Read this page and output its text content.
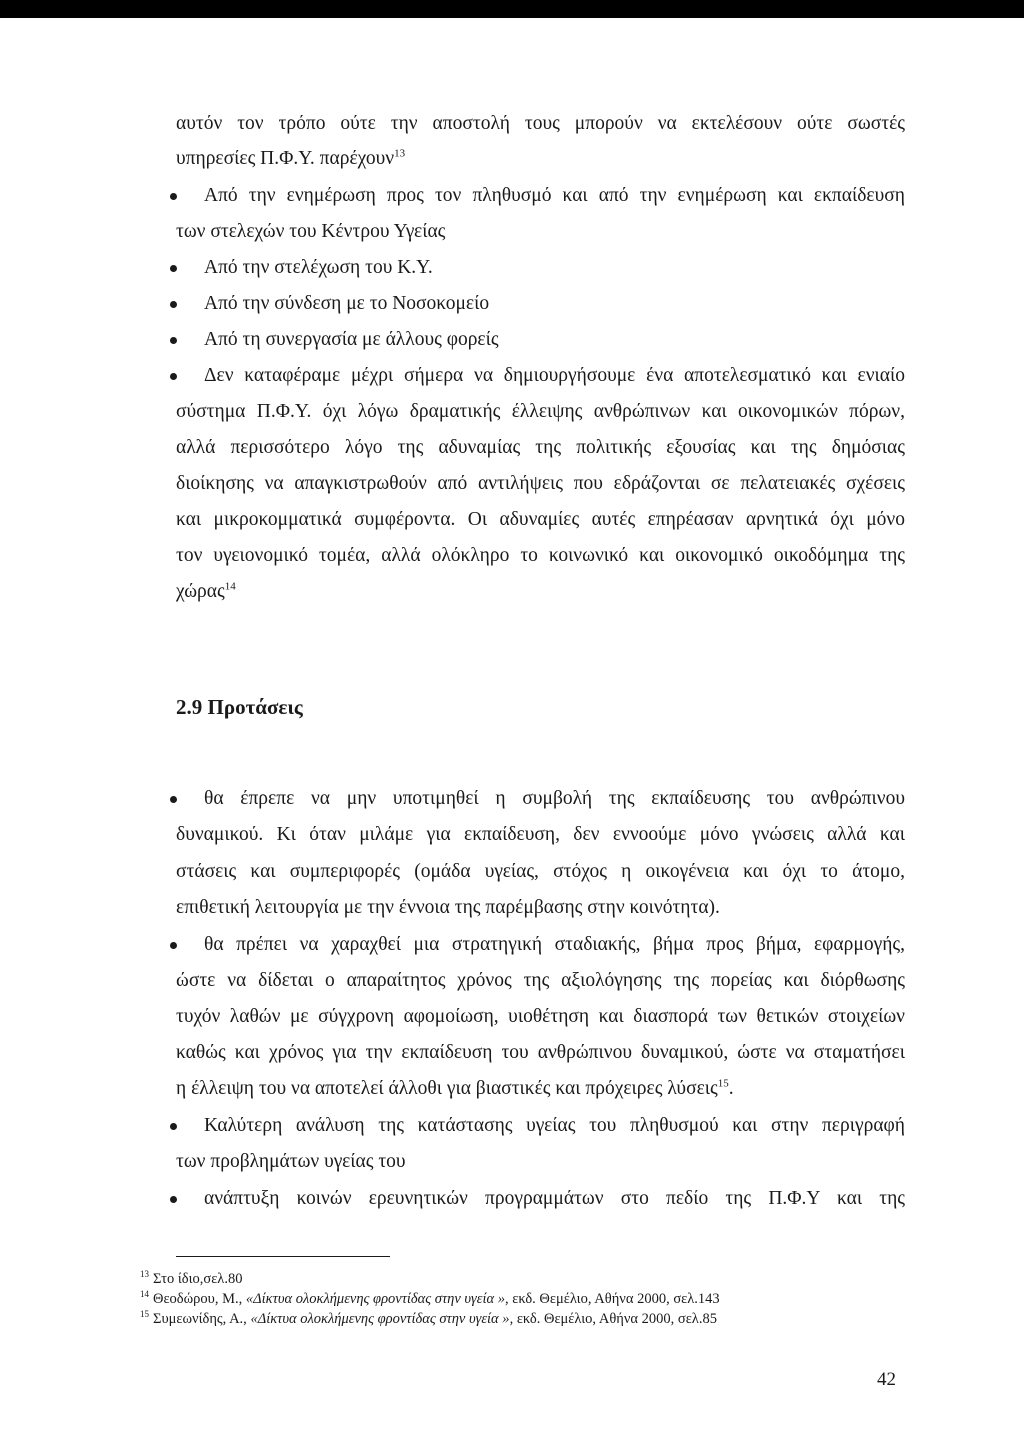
αυτόν τον τρόπο ούτε την αποστολή τους μπορούν να εκτελέσουν ούτε σωστές
υπηρεσίες Π.Φ.Υ. παρέχουν$^{13}$
Από την ενημέρωση προς τον πληθυσμό και από την ενημέρωση και εκπαίδευση
των στελεχών του Κέντρου Υγείας
Από την στελέχωση του Κ.Υ.
Από την σύνδεση με το Νοσοκομείο
Από τη συνεργασία με άλλους φορείς
Δεν καταφέραμε μέχρι σήμερα να δημιουργήσουμε ένα αποτελεσματικό και ενιαίο
σύστημα Π.Φ.Υ. όχι λόγω δραματικής έλλειψης ανθρώπινων και οικονομικών πόρων,
αλλά περισσότερο λόγο της αδυναμίας της πολιτικής εξουσίας και της δημόσιας
διοίκησης να απαγκιστρωθούν από αντιλήψεις που εδράζονται σε πελατειακές σχέσεις
και μικροκομματικά συμφέροντα. Οι αδυναμίες αυτές επηρέασαν αρνητικά όχι μόνο
τον υγειονομικό τομέα, αλλά ολόκληρο το κοινωνικό και οικονομικό οικοδόμημα της
χώρας$^{14}$
2.9 Προτάσεις
θα έπρεπε να μην υποτιμηθεί η συμβολή της εκπαίδευσης του ανθρώπινου
δυναμικού. Κι όταν μιλάμε για εκπαίδευση, δεν εννοούμε μόνο γνώσεις αλλά και
στάσεις και συμπεριφορές (ομάδα υγείας, στόχος η οικογένεια και όχι το άτομο,
επιθετική λειτουργία με την έννοια της παρέμβασης στην κοινότητα).
θα πρέπει να χαραχθεί μια στρατηγική σταδιακής, βήμα προς βήμα, εφαρμογής,
ώστε να δίδεται ο απαραίτητος χρόνος της αξιολόγησης της πορείας και διόρθωσης
τυχόν λαθών με σύγχρονη αφομοίωση, υιοθέτηση και διασπορά των θετικών στοιχείων
καθώς και χρόνος για την εκπαίδευση του ανθρώπινου δυναμικού, ώστε να σταματήσει
η έλλειψη του να αποτελεί άλλοθι για βιαστικές και πρόχειρες λύσεις$^{15}$.
Καλύτερη ανάλυση της κατάστασης υγείας του πληθυσμού και στην περιγραφή
των προβλημάτων υγείας του
ανάπτυξη κοινών ερευνητικών προγραμμάτων στο πεδίο της Π.Φ.Υ και της
$^{13}$ Στο ίδιο,σελ.80
$^{14}$ Θεοδώρου, Μ., «Δίκτυα ολοκλήμενης φροντίδας στην υγεία », εκδ. Θεμέλιο, Αθήνα 2000, σελ.143
$^{15}$ Συμεωνίδης, Α., «Δίκτυα ολοκλήμενης φροντίδας στην υγεία », εκδ. Θεμέλιο, Αθήνα 2000, σελ.85
42
